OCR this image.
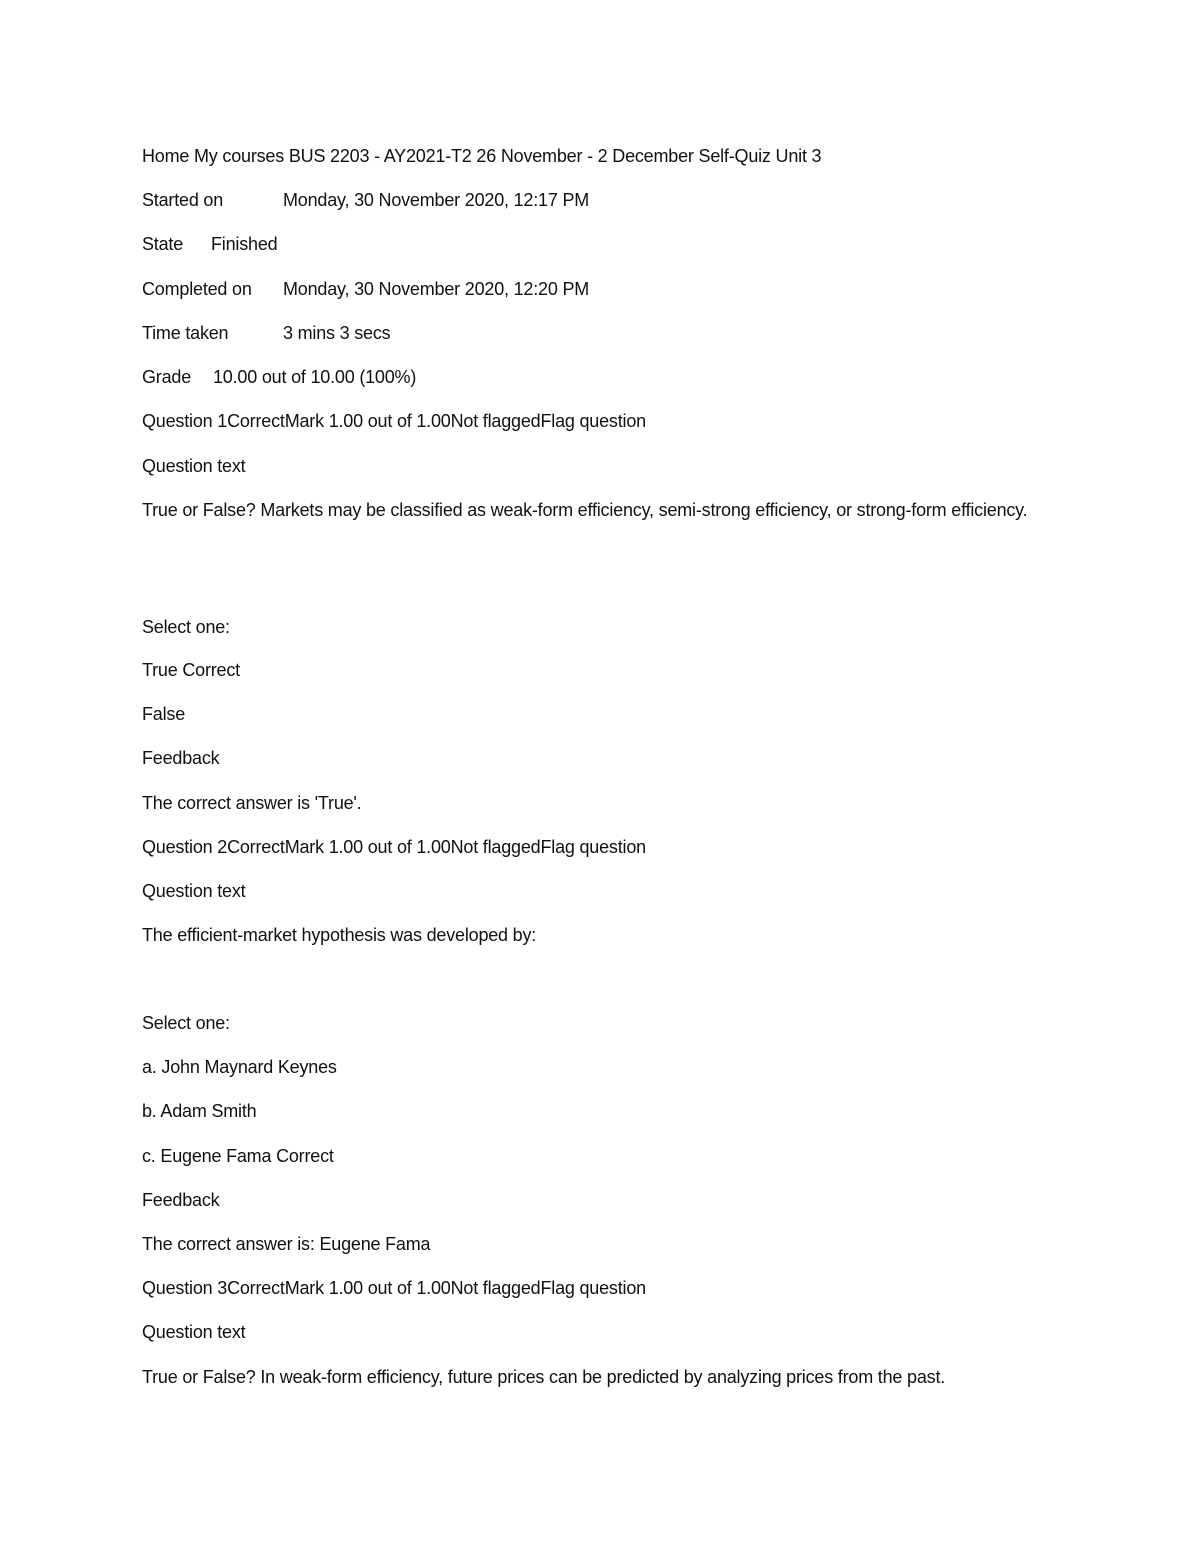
Home My courses BUS 2203 - AY2021-T2 26 November - 2 December Self-Quiz Unit 3
Started on	Monday, 30 November 2020, 12:17 PM
State Finished
Completed on Monday, 30 November 2020, 12:20 PM
Time taken	3 mins 3 secs
Grade 10.00 out of 10.00 (100%)
Question 1CorrectMark 1.00 out of 1.00Not flaggedFlag question
Question text
True or False? Markets may be classified as weak-form efficiency, semi-strong efficiency, or strong-form efficiency.
Select one:
True Correct
False
Feedback
The correct answer is 'True'.
Question 2CorrectMark 1.00 out of 1.00Not flaggedFlag question
Question text
The efficient-market hypothesis was developed by:
Select one:
a. John Maynard Keynes
b. Adam Smith
c. Eugene Fama Correct
Feedback
The correct answer is: Eugene Fama
Question 3CorrectMark 1.00 out of 1.00Not flaggedFlag question
Question text
True or False? In weak-form efficiency, future prices can be predicted by analyzing prices from the past.
